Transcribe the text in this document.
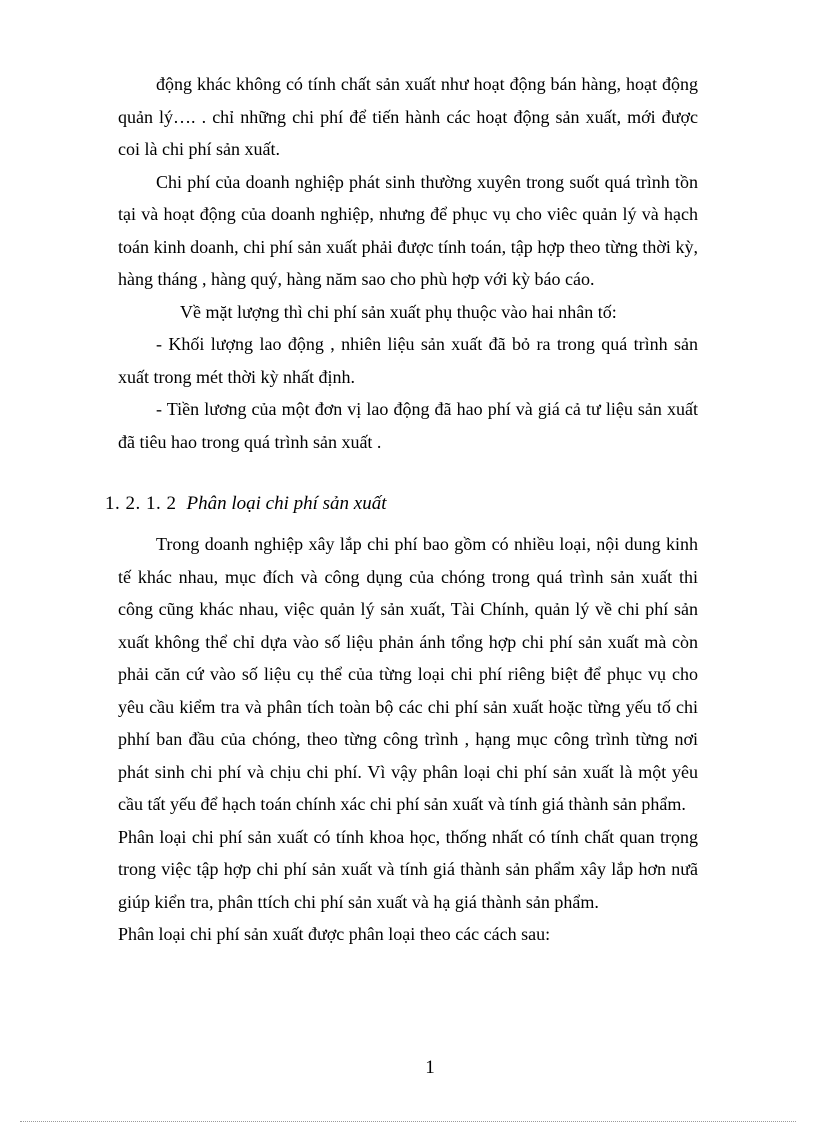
động khác không có tính chất sản xuất như hoạt động bán hàng, hoạt động quản lý…. . chỉ những chi phí để tiến hành các hoạt động sản xuất, mới được coi là chi phí sản xuất.

Chi phí của doanh nghiệp phát sinh thường xuyên trong suốt quá trình tồn tại và hoạt động của doanh nghiệp, nhưng để phục vụ cho viêc quản lý và hạch toán kinh doanh, chi phí sản xuất phải được tính toán, tập hợp theo từng thời kỳ, hàng tháng , hàng quý, hàng năm sao cho phù hợp với kỳ báo cáo.

Về mặt lượng thì chi phí sản xuất phụ thuộc vào hai nhân tố:

- Khối lượng lao động , nhiên liệu sản xuất đã bỏ ra trong quá trình sản xuất trong mét thời kỳ nhất định.

- Tiền lương của một đơn vị lao động đã hao phí và giá cả tư liệu sản xuất đã tiêu hao trong quá trình sản xuất .

1. 2. 1. 2 Phân loại chi phí sản xuất

Trong doanh nghiệp xây lắp chi phí bao gồm có nhiều loại, nội dung kinh tế khác nhau, mục đích và công dụng của chóng trong quá trình sản xuất thi công cũng khác nhau, việc quản lý sản xuất, Tài Chính, quản lý về chi phí sản xuất không thể chỉ dựa vào số liệu phản ánh tổng hợp chi phí sản xuất mà còn phải căn cứ vào số liệu cụ thể của từng loại chi phí riêng biệt để phục vụ cho yêu cầu kiểm tra và phân tích toàn bộ các chi phí sản xuất hoặc từng yếu tố chi phhí ban đầu của chóng, theo từng công trình , hạng mục công trình từng nơi phát sinh chi phí và chịu chi phí. Vì vậy phân loại chi phí sản xuất là một yêu cầu tất yếu để hạch toán chính xác chi phí sản xuất và tính giá thành sản phẩm.

Phân loại chi phí sản xuất có tính khoa học, thống nhất có tính chất quan trọng trong việc tập hợp chi phí sản xuất và tính giá thành sản phẩm xây lắp hơn nưã giúp kiển tra, phân ttích chi phí sản xuất và hạ giá thành sản phẩm.

Phân loại chi phí sản xuất được phân loại theo các cách sau:

1
